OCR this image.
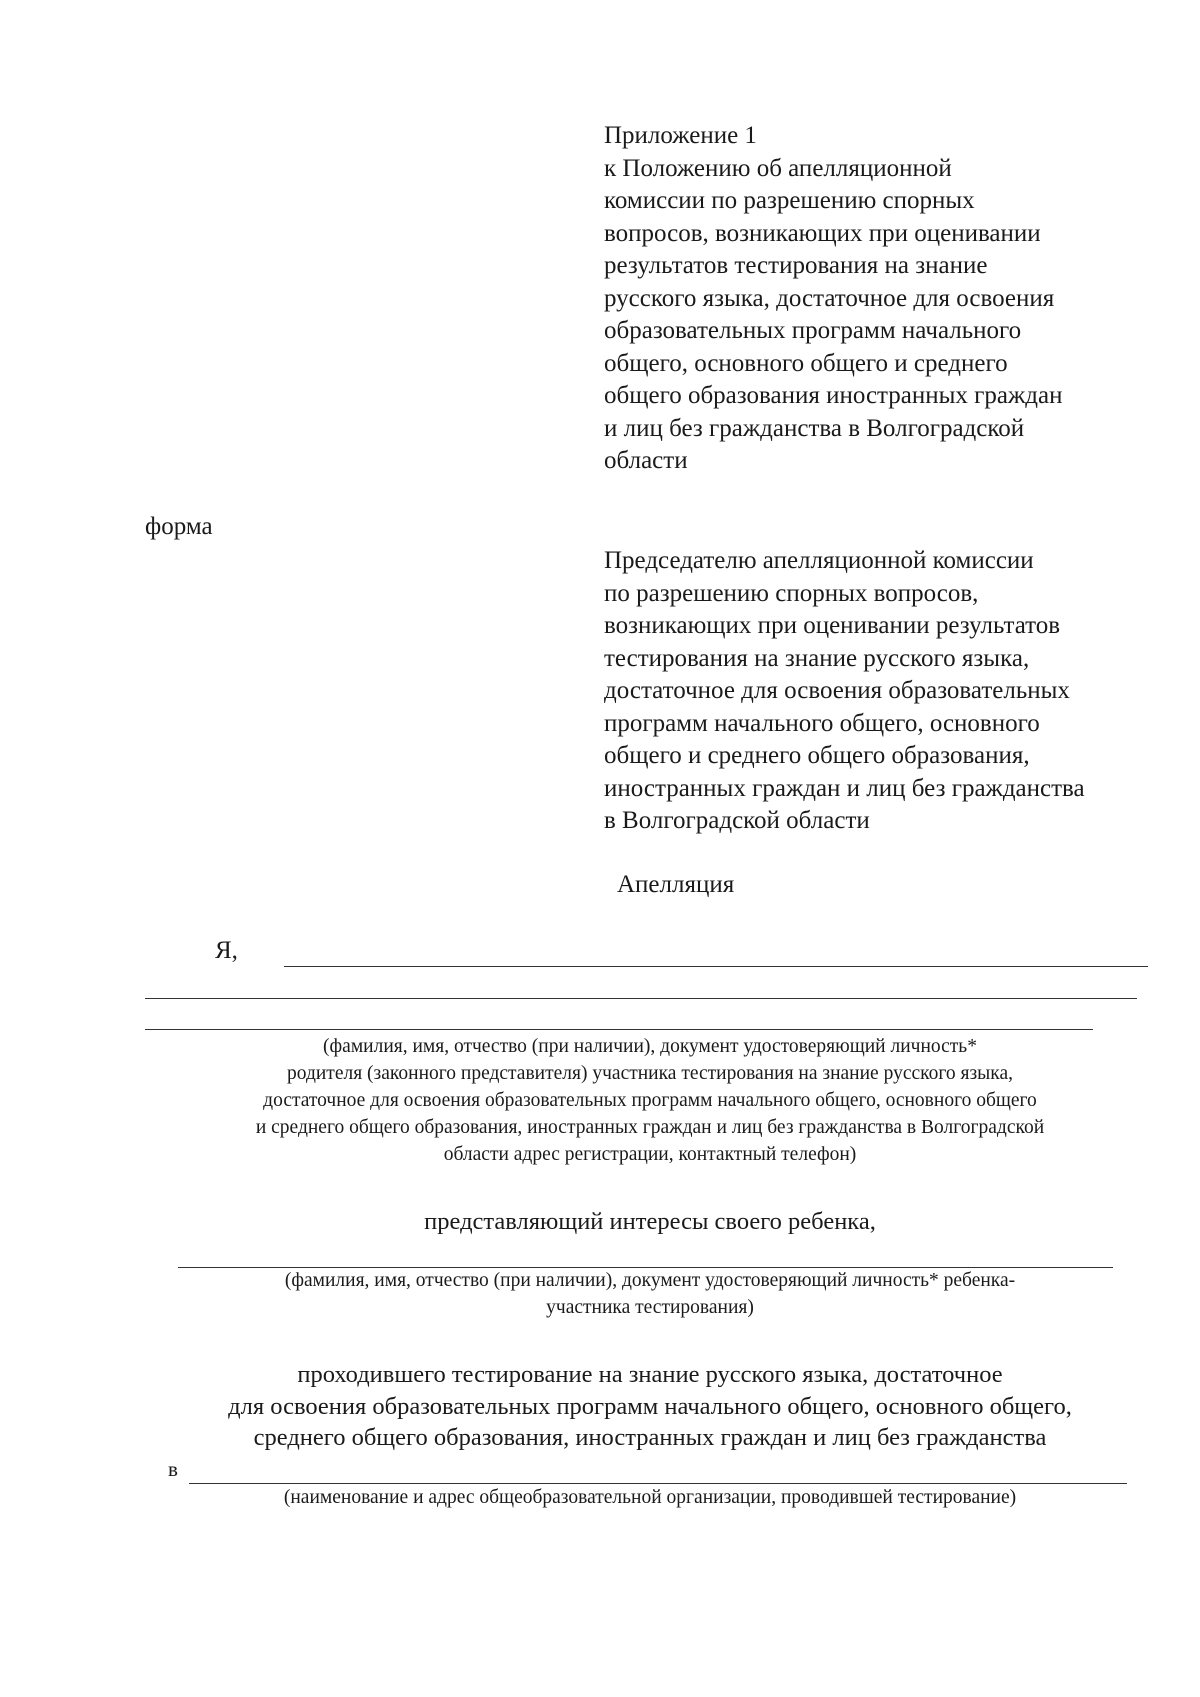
Приложение 1
к Положению об апелляционной
комиссии по разрешению спорных
вопросов, возникающих при оценивании
результатов тестирования на знание
русского языка, достаточное для освоения
образовательных программ начального
общего, основного общего и среднего
общего образования иностранных граждан
и лиц без гражданства в Волгоградской
области
форма
Председателю апелляционной комиссии
по разрешению спорных вопросов,
возникающих при оценивании результатов
тестирования на знание русского языка,
достаточное для освоения образовательных
программ начального общего, основного
общего и среднего общего образования,
иностранных граждан и лиц без гражданства
в Волгоградской области
Апелляция
Я,
(фамилия, имя, отчество (при наличии), документ удостоверяющий личность*
родителя (законного представителя) участника тестирования на знание русского языка,
достаточное для освоения образовательных программ начального общего, основного общего
и среднего общего образования, иностранных граждан и лиц без гражданства в Волгоградской
области адрес регистрации, контактный телефон)
представляющий интересы своего ребенка,
(фамилия, имя, отчество (при наличии), документ удостоверяющий личность* ребенка-
участника тестирования)
проходившего тестирование на знание русского языка, достаточное
для освоения образовательных программ начального общего, основного общего,
среднего общего образования, иностранных граждан и лиц без гражданства
в
(наименование и адрес общеобразовательной организации, проводившей тестирование)
